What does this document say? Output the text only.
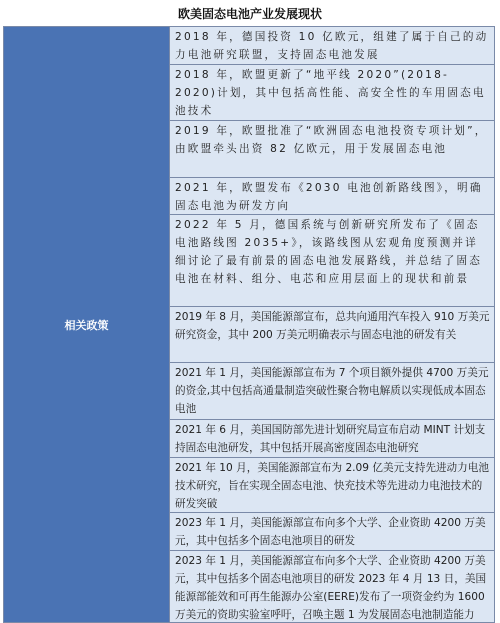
欧美固态电池产业发展现状
相关政策
2018 年，德国投资 10 亿欧元，组建了属于自己的动力电池研究联盟，支持固态电池发展
2018 年，欧盟更新了“地平线 2020”(2018-2020)计划，其中包括高性能、高安全性的车用固态电池技术
2019 年，欧盟批准了“欧洲固态电池投资专项计划”，由欧盟牵头出资 82 亿欧元，用于发展固态电池
2021 年，欧盟发布《2030 电池创新路线图》，明确固态电池为研发方向
2022 年 5 月，德国系统与创新研究所发布了《固态电池路线图 2035+》，该路线图从宏观角度预测并详细讨论了最有前景的固态电池发展路线，并总结了固态电池在材料、组分、电芯和应用层面上的现状和前景
2019 年 8 月，美国能源部宣布，总共向通用汽车投入 910 万美元研究资金，其中 200 万美元明确表示与固态电池的研发有关
2021 年 1 月，美国能源部宣布为 7 个项目额外提供 4700 万美元的资金,其中包括高通量制造突破性聚合物电解质以实现低成本固态电池
2021 年 6 月，美国国防部先进计划研究局宣布启动 MINT 计划支持固态电池研发，其中包括开展高密度固态电池研究
2021 年 10 月，美国能源部宣布为 2.09 亿美元支持先进动力电池技术研究，旨在实现全固态电池、快充技术等先进动力电池技术的研发突破
2023 年 1 月，美国能源部宣布向多个大学、企业资助 4200 万美元，其中包括多个固态电池项目的研发
2023 年 1 月，美国能源部宣布向多个大学、企业资助 4200 万美元，其中包括多个固态电池项目的研发 2023 年 4 月 13 日，美国能源部能效和可再生能源办公室(EERE)发布了一项资金约为 1600 万美元的资助实验室呼吁，召唤主题 1 为发展固态电池制造能力
